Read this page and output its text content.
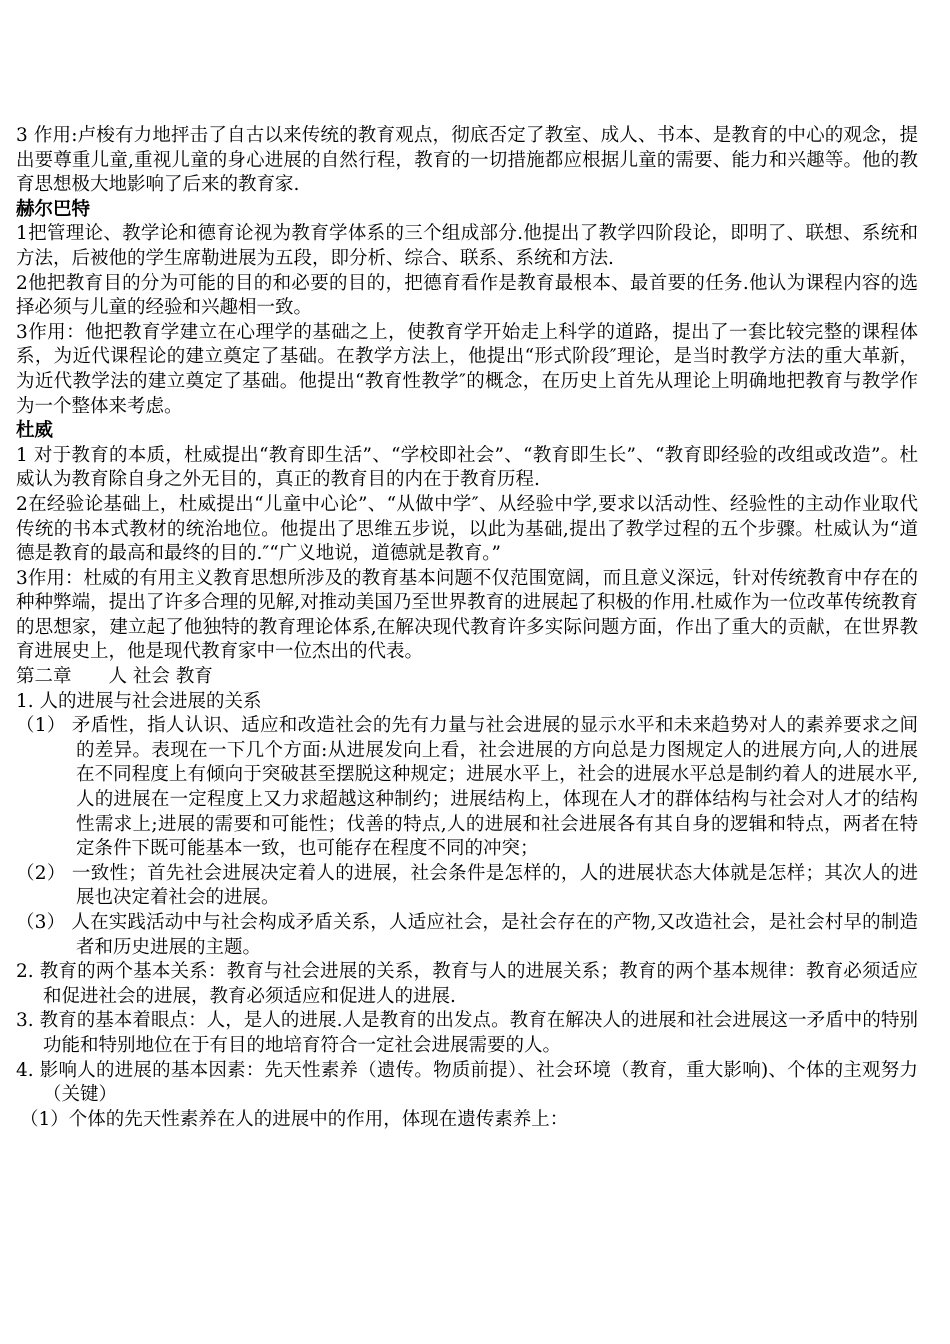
3 作用:卢梭有力地抨击了自古以来传统的教育观点，彻底否定了教室、成人、书本、是教育的中心的观念，提出要尊重儿童,重视儿童的身心进展的自然行程，教育的一切措施都应根据儿童的需要、能力和兴趣等。他的教育思想极大地影响了后来的教育家.

赫尔巴特

1把管理论、教学论和德育论视为教育学体系的三个组成部分.他提出了教学四阶段论，即明了、联想、系统和方法，后被他的学生席勒进展为五段，即分析、综合、联系、系统和方法.

2他把教育目的分为可能的目的和必要的目的，把德育看作是教育最根本、最首要的任务.他认为课程内容的选择必须与儿童的经验和兴趣相一致。

3作用：他把教育学建立在心理学的基础之上，使教育学开始走上科学的道路，提出了一套比较完整的课程体系，为近代课程论的建立奠定了基础。在教学方法上，他提出“形式阶段″理论，是当时教学方法的重大革新，为近代教学法的建立奠定了基础。他提出“教育性教学″的概念，在历史上首先从理论上明确地把教育与教学作为一个整体来考虑。

杜威

1 对于教育的本质，杜威提出“教育即生活”、“学校即社会”、“教育即生长”、“教育即经验的改组或改造”。杜威认为教育除自身之外无目的，真正的教育目的内在于教育历程.

2在经验论基础上，杜威提出“儿童中心论”、“从做中学″、从经验中学,要求以活动性、经验性的主动作业取代传统的书本式教材的统治地位。他提出了思维五步说，以此为基础,提出了教学过程的五个步骤。杜威认为“道德是教育的最高和最终的目的.″“广义地说，道德就是教育。”

3作用：杜威的有用主义教育思想所涉及的教育基本问题不仅范围宽阔，而且意义深远，针对传统教育中存在的种种弊端，提出了许多合理的见解,对推动美国乃至世界教育的进展起了积极的作用.杜威作为一位改革传统教育的思想家，建立起了他独特的教育理论体系,在解决现代教育许多实际问题方面，作出了重大的贡献，在世界教育进展史上，他是现代教育家中一位杰出的代表。

第二章　　人 社会 教育

1. 人的进展与社会进展的关系

（1） 矛盾性，指人认识、适应和改造社会的先有力量与社会进展的显示水平和未来趋势对人的素养要求之间的差异。表现在一下几个方面:从进展发向上看，社会进展的方向总是力图规定人的进展方向,人的进展在不同程度上有倾向于突破甚至摆脱这种规定；进展水平上，社会的进展水平总是制约着人的进展水平,人的进展在一定程度上又力求超越这种制约；进展结构上，体现在人才的群体结构与社会对人才的结构性需求上;进展的需要和可能性；伐善的特点,人的进展和社会进展各有其自身的逻辑和特点，两者在特定条件下既可能基本一致，也可能存在程度不同的冲突；

（2） 一致性；首先社会进展决定着人的进展，社会条件是怎样的，人的进展状态大体就是怎样；其次人的进展也决定着社会的进展。

（3） 人在实践活动中与社会构成矛盾关系，人适应社会，是社会存在的产物,又改造社会，是社会村早的制造者和历史进展的主题。

2. 教育的两个基本关系：教育与社会进展的关系，教育与人的进展关系；教育的两个基本规律：教育必须适应和促进社会的进展，教育必须适应和促进人的进展.

3. 教育的基本着眼点：人，是人的进展.人是教育的出发点。教育在解决人的进展和社会进展这一矛盾中的特别功能和特别地位在于有目的地培育符合一定社会进展需要的人。

4. 影响人的进展的基本因素：先天性素养（遗传。物质前提）、社会环境（教育，重大影响)、个体的主观努力（关键）

（1）个体的先天性素养在人的进展中的作用，体现在遗传素养上：
